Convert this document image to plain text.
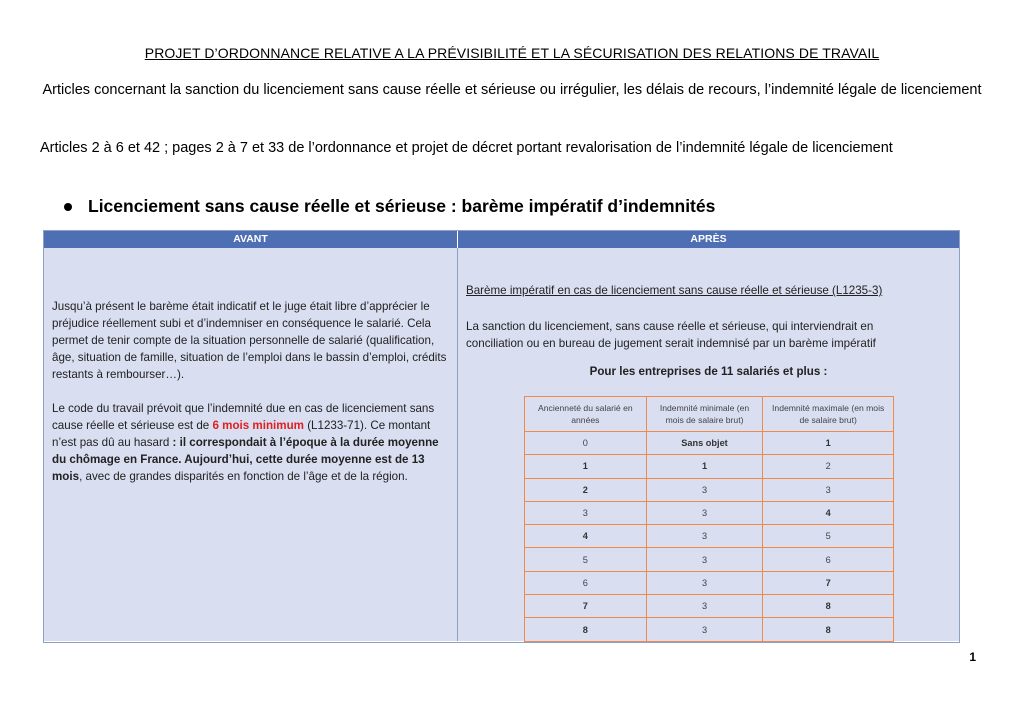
PROJET D’ORDONNANCE RELATIVE A LA PRÉVISIBILITÉ ET LA SÉCURISATION DES RELATIONS DE TRAVAIL
Articles concernant la sanction du licenciement sans cause réelle et sérieuse ou irrégulier, les délais de recours, l’indemnité légale de licenciement
Articles 2 à 6 et 42 ; pages 2 à 7 et 33 de l’ordonnance et projet de décret portant revalorisation de l’indemnité légale de licenciement
Licenciement sans cause réelle et sérieuse : barème impératif d’indemnités
AVANT	APRÈS

Jusqu’à présent le barème était indicatif et le juge était libre d’apprécier le préjudice réellement subi et d’indemniser en conséquence le salarié. Cela permet de tenir compte de la situation personnelle de salarié (qualification, âge, situation de famille, situation de l’emploi dans le bassin d’emploi, crédits restants à rembourser…).

Le code du travail prévoit que l’indemnité due en cas de licenciement sans cause réelle et sérieuse est de 6 mois minimum (L1233-71). Ce montant n’est pas dû au hasard : il correspondait à l’époque à la durée moyenne du chômage en France. Aujourd’hui, cette durée moyenne est de 13 mois, avec de grandes disparités en fonction de l’âge et de la région.

Barème impératif en cas de licenciement sans cause réelle et sérieuse (L1235-3)
La sanction du licenciement, sans cause réelle et sérieuse, qui interviendrait en conciliation ou en bureau de jugement serait indemnisé par un barème impératif
Pour les entreprises de 11 salariés et plus :
Ancienneté du salarié en années	Indemnité minimale (en mois de salaire brut)	Indemnité maximale (en mois de salaire brut)
0	Sans objet	1
1	1	2
2	3	3
3	3	4
4	3	5
5	3	6
6	3	7
7	3	8
8	3	8
1
